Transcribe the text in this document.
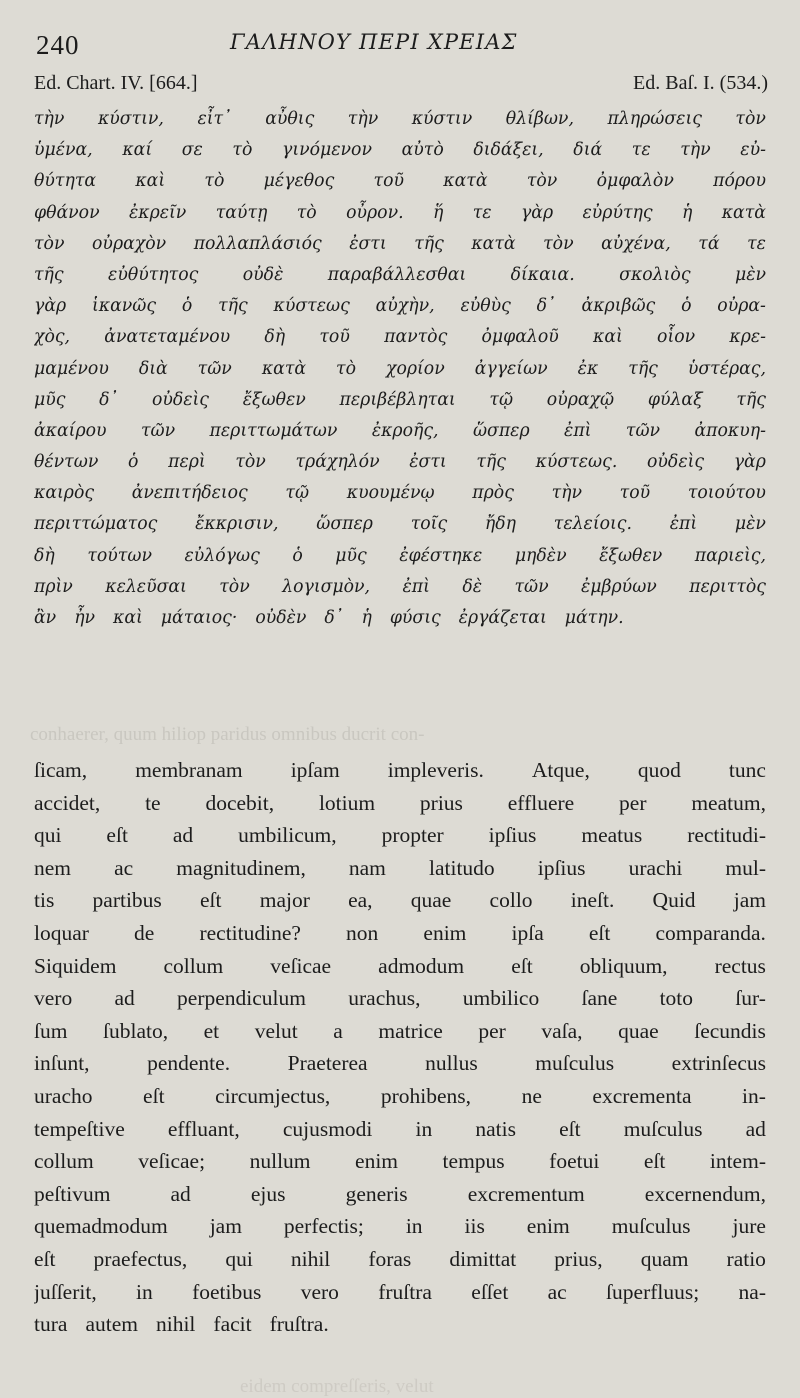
240	ΓΑΛΗΝΟΥ ΠΕΡΙ ΧΡΕΙΑΣ
Ed. Chart. IV. [664.]	Ed. Baſ. I. (534.)
τὴν κύστιν, εἶτ᾽ αὖθις τὴν κύστιν θλίβων, πληρώσεις τὸν
ὑμένα, καί σε τὸ γινόμενον αὐτὸ διδάξει, διά τε τὴν εὐ-
θύτητα καὶ τὸ μέγεθος τοῦ κατὰ τὸν ὀμφαλὸν πόρου
φθάνον ἐκρεῖν ταύτῃ τὸ οὖρον. ἥ τε γὰρ εὐρύτης ἡ κατὰ
τὸν οὐραχὸν πολλαπλάσιός ἐστι τῆς κατὰ τὸν αὐχένα, τά τε
τῆς	εὐθύτητος	οὐδὲ	παραβάλλεσθαι	δίκαια.	σκολιὸς	μὲν
γὰρ ἱκανῶς ὁ τῆς κύστεως αὐχὴν, εὐθὺς δ᾽ ἀκριβῶς ὁ οὐρα-
χὸς, ἀνατεταμένου δὴ τοῦ παντὸς ὀμφαλοῦ καὶ οἷον κρε-
μαμένου διὰ τῶν κατὰ τὸ χορίον ἀγγείων ἐκ τῆς ὑστέρας,
μῦς δ᾽ οὐδεὶς ἔξωθεν περιβέβληται τῷ οὐραχῷ φύλαξ τῆς
ἀκαίρου τῶν περιττωμάτων ἐκροῆς, ὥσπερ ἐπὶ τῶν ἀποκυη-
θέντων ὁ περὶ τὸν τράχηλόν ἐστι τῆς κύστεως. οὐδεὶς γὰρ
καιρὸς ἀνεπιτήδειος τῷ κυουμένῳ πρὸς τὴν τοῦ τοιούτου
περιττώματος ἔκκρισιν, ὥσπερ τοῖς ἤδη τελείοις. ἐπὶ μὲν
δὴ τούτων εὐλόγως ὁ μῦς ἐφέστηκε μηδὲν ἔξωθεν παριεὶς,
πρὶν κελεῦσαι τὸν λογισμὸν, ἐπὶ δὲ τῶν ἐμβρύων περιττὸς
ἂν ἦν καὶ μάταιος· οὐδὲν δ᾽ ἡ φύσις ἐργάζεται μάτην.
conhaerer, quum hiliop paridus omnibus ducrit con-
ſicam, membranam ipſam impleveris. Atque, quod tunc
accidet, te docebit, lotium prius effluere per meatum,
qui eſt ad umbilicum, propter ipſius meatus rectitudi-
nem ac magnitudinem, nam latitudo ipſius urachi mul-
tis partibus eſt major ea, quae collo ineſt. Quid jam
loquar de rectitudine? non enim ipſa eſt comparanda.
Siquidem collum veſicae admodum eſt obliquum, rectus
vero ad perpendiculum urachus, umbilico ſane toto ſur-
ſum ſublato, et velut a matrice per vaſa, quae ſecundis
inſunt,	pendente.	Praeterea	nullus	muſculus	extrinſecus
uracho eſt circumjectus, prohibens, ne excrementa in-
tempeſtive effluant, cujusmodi in natis eſt muſculus ad
collum veſicae; nullum enim tempus foetui eſt intem-
peſtivum	ad	ejus	generis	excrementum	excernendum,
quemadmodum jam perfectis; in iis enim muſculus jure
eſt praefectus, qui nihil foras dimittat prius, quam ratio
juſſerit, in foetibus vero fruſtra eſſet ac ſuperfluus; na-
tura autem nihil facit fruſtra.
eidem compreſſeris, velut
